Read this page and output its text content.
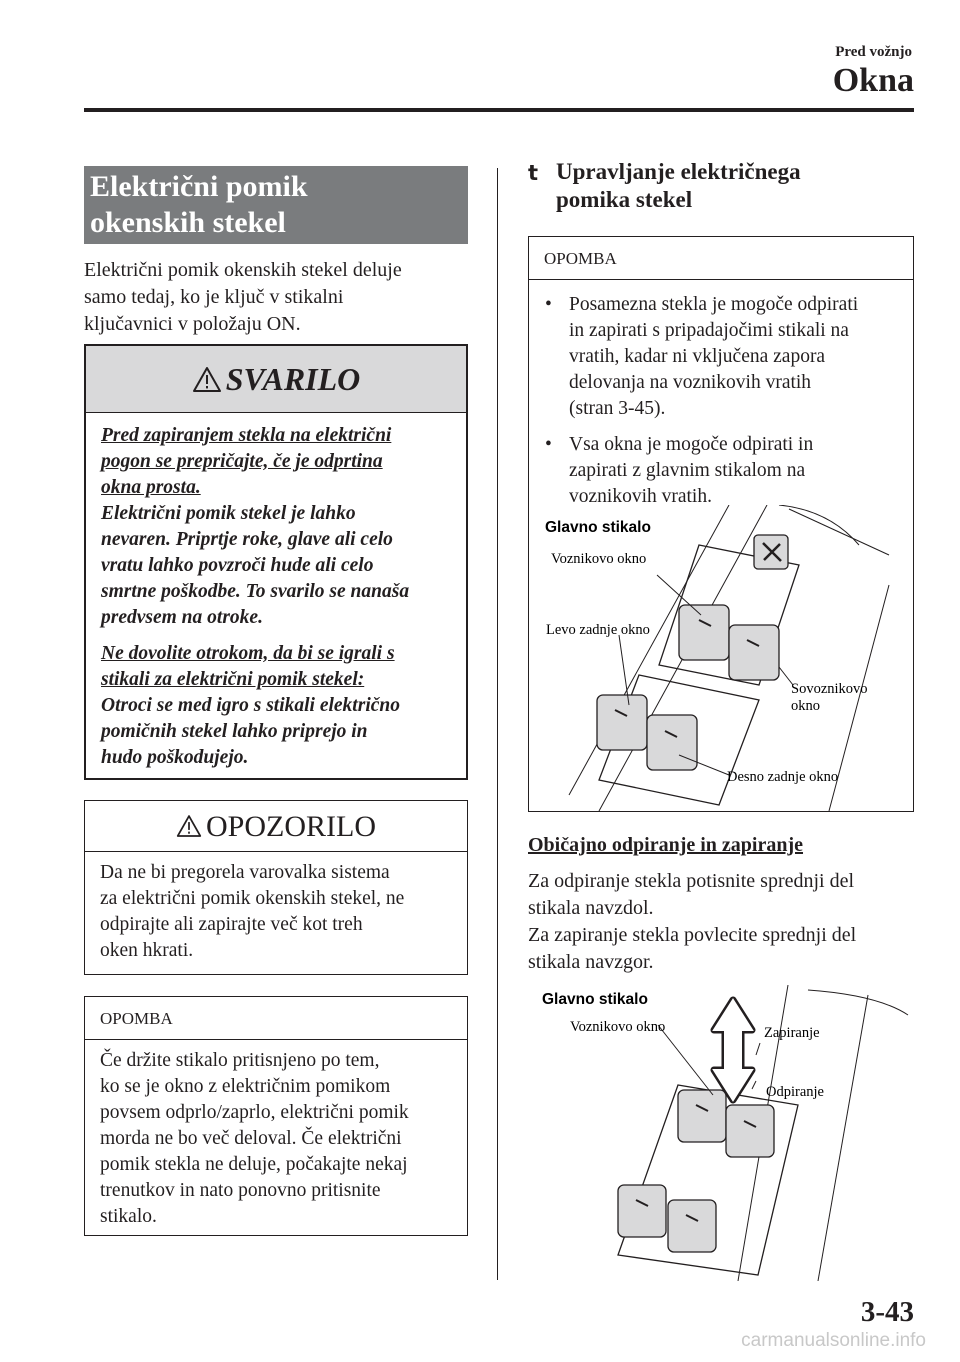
Pred vožnjo
Okna
Električni pomik
okenskih stekel
Električni pomik okenskih stekel deluje
samo tedaj, ko je ključ v stikalni
ključavnici v položaju ON.
SVARILO
Pred zapiranjem stekla na električni
pogon se prepričajte, če je odprtina
okna prosta.
Električni pomik stekel je lahko
nevaren. Priprtje roke, glave ali celo
vratu lahko povzroči hude ali celo
smrtne poškodbe. To svarilo se nanaša
predvsem na otroke.
Ne dovolite otrokom, da bi se igrali s
stikali za električni pomik stekel:
Otroci se med igro s stikali električno
pomičnih stekel lahko priprejo in
hudo poškodujejo.
OPOZORILO
Da ne bi pregorela varovalka sistema
za električni pomik okenskih stekel, ne
odpirajte ali zapirajte več kot treh
oken hkrati.
OPOMBA
Če držite stikalo pritisnjeno po tem,
ko se je okno z električnim pomikom
povsem odprlo/zaprlo, električni pomik
morda ne bo več deloval. Če električni
pomik stekla ne deluje, počakajte nekaj
trenutkov in nato ponovno pritisnite
stikalo.
t Upravljanje električnega
pomika stekel
OPOMBA
• Posamezna stekla je mogoče odpirati
in zapirati s pripadajočimi stikali na
vratih, kadar ni vključena zapora
delovanja na voznikovih vratih
(stran 3-45).
• Vsa okna je mogoče odpirati in
zapirati z glavnim stikalom na
voznikovih vratih.
Glavno stikalo
Voznikovo okno
Levo zadnje okno
Sovoznikovo
okno
Desno zadnje okno
Običajno odpiranje in zapiranje
Za odpiranje stekla potisnite sprednji del
stikala navzdol.
Za zapiranje stekla povlecite sprednji del
stikala navzgor.
Glavno stikalo
Voznikovo okno	Zapiranje
Odpiranje
3-43
carmanualsonline.info
